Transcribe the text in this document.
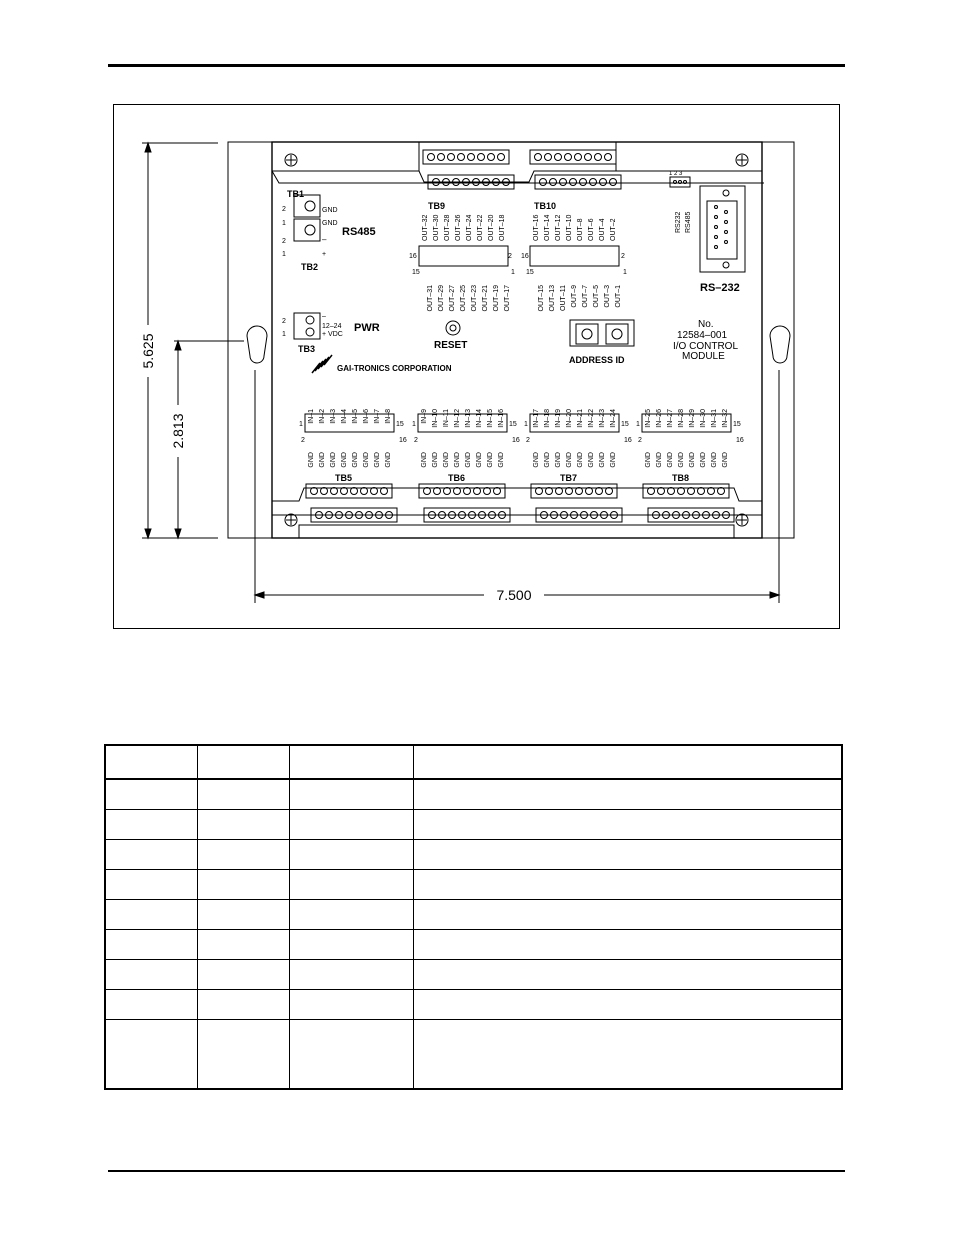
5.625
2.813
7.500
TB9	TB10
TB1
TB2
2
1
2
1
GND
GND
–
+
RS485
2
1
–
12–24
+ VDC
PWR
TB3	RESET
GAI-TRONICS CORPORATION
RS–232
1 2 3
RS232 RS485
ADDRESS ID
No.
12584–001
I/O CONTROL
MODULE
16	2
15	1
16	2
15	1
OUT–32 OUT–30 OUT–28 OUT–26 OUT–24 OUT–22 OUT–20 OUT–18
OUT–31 OUT–29 OUT–27 OUT–25 OUT–23 OUT–21 OUT–19 OUT–17
OUT–16 OUT–14 OUT–12 OUT–10 OUT–8 OUT–6 OUT–4 OUT–2
OUT–15 OUT–13 OUT–11 OUT–9 OUT–7 OUT–5 OUT–3 OUT–1
1	15
2	16
IN–1 IN–2 IN–3 IN–4 IN–5 IN–6 IN–7 IN–8
GND GND GND GND GND GND GND GND
TB5
1	15
2	16
IN–9 IN–10 IN–11 IN–12 IN–13 IN–14 IN–15 IN–16
GND GND GND GND GND GND GND GND
TB6
1	15
2	16
IN–17 IN–18 IN–19 IN–20 IN–21 IN–22 IN–23 IN–24
GND GND GND GND GND GND GND GND
TB7
1	15
2	16
IN–25 IN–26 IN–27 IN–28 IN–29 IN–30 IN–31 IN–32
GND GND GND GND GND GND GND GND
TB8
